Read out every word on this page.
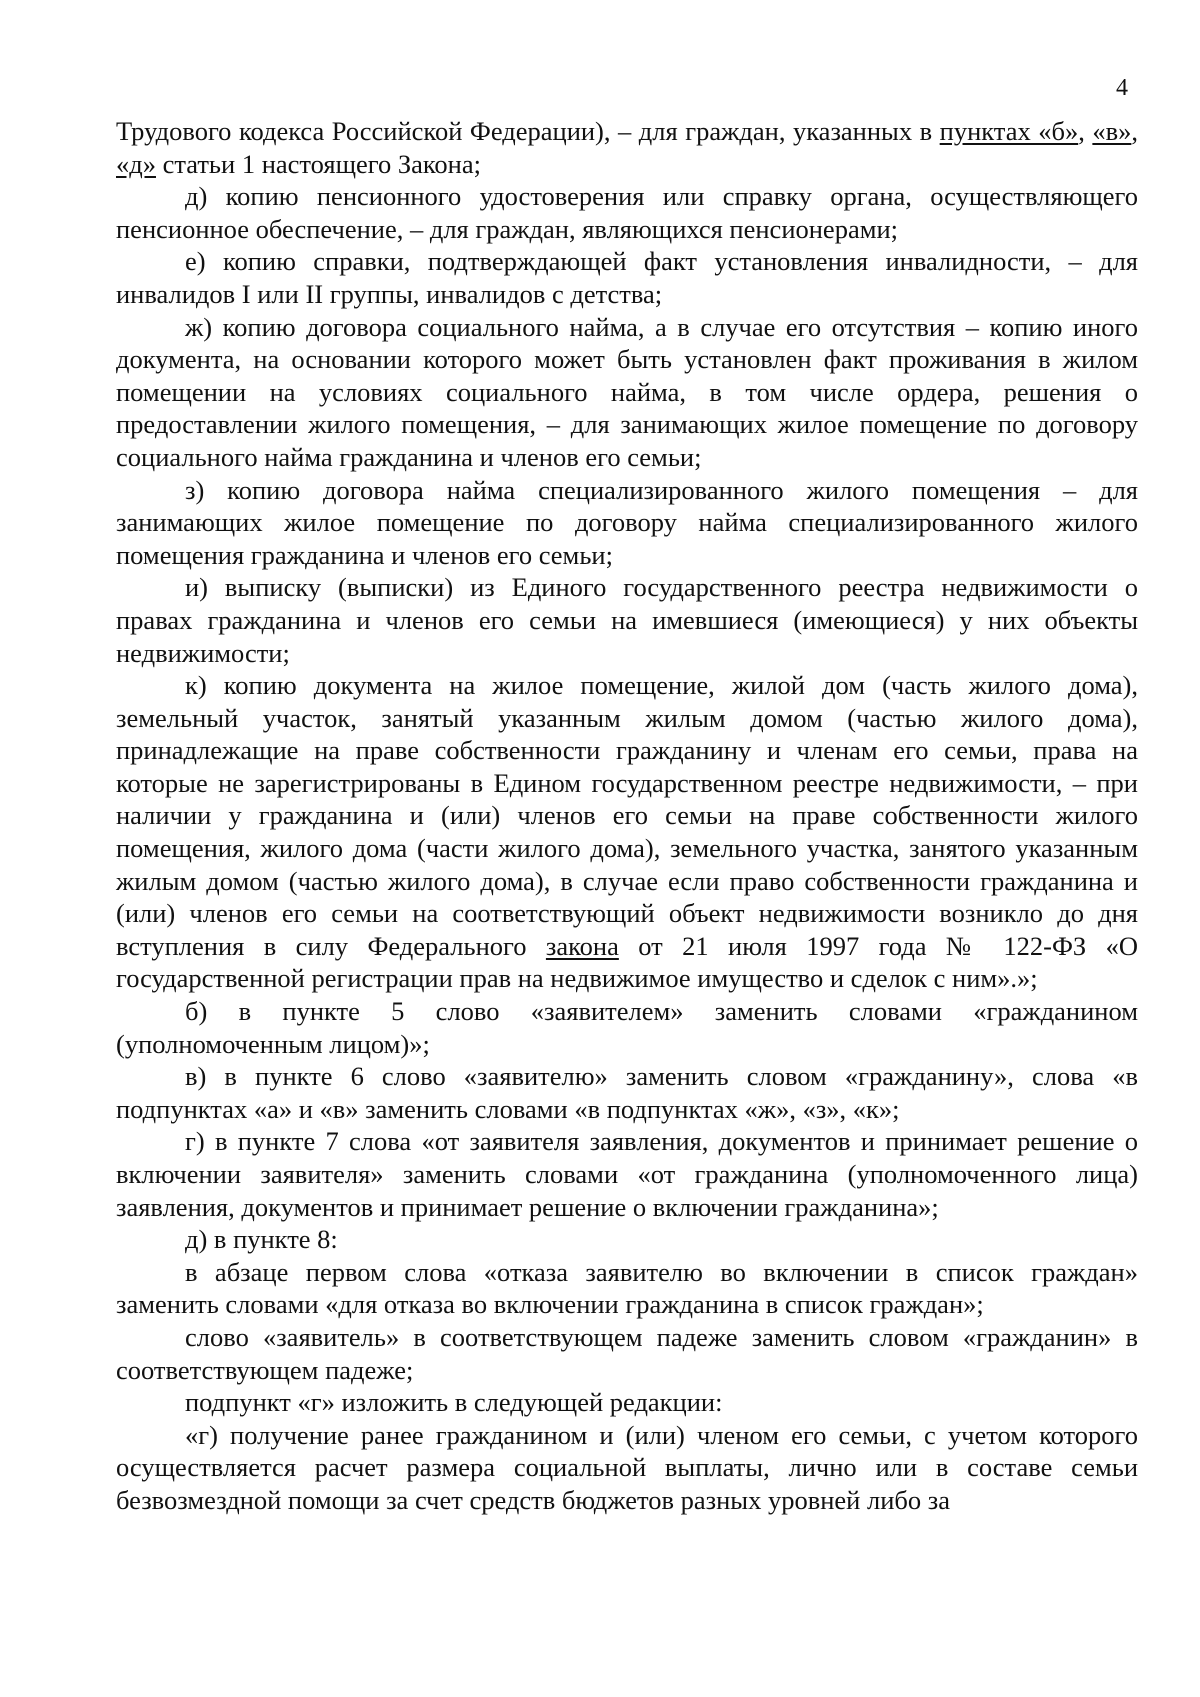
4

Трудового кодекса Российской Федерации), – для граждан, указанных в пунктах «б», «в», «д» статьи 1 настоящего Закона;

д) копию пенсионного удостоверения или справку органа, осуществляющего пенсионное обеспечение, – для граждан, являющихся пенсионерами;

е) копию справки, подтверждающей факт установления инвалидности, – для инвалидов I или II группы, инвалидов с детства;

ж) копию договора социального найма, а в случае его отсутствия – копию иного документа, на основании которого может быть установлен факт проживания в жилом помещении на условиях социального найма, в том числе ордера, решения о предоставлении жилого помещения, – для занимающих жилое помещение по договору социального найма гражданина и членов его семьи;

з) копию договора найма специализированного жилого помещения – для занимающих жилое помещение по договору найма специализированного жилого помещения гражданина и членов его семьи;

и) выписку (выписки) из Единого государственного реестра недвижимости о правах гражданина и членов его семьи на имевшиеся (имеющиеся) у них объекты недвижимости;

к) копию документа на жилое помещение, жилой дом (часть жилого дома), земельный участок, занятый указанным жилым домом (частью жилого дома), принадлежащие на праве собственности гражданину и членам его семьи, права на которые не зарегистрированы в Едином государственном реестре недвижимости, – при наличии у гражданина и (или) членов его семьи на праве собственности жилого помещения, жилого дома (части жилого дома), земельного участка, занятого указанным жилым домом (частью жилого дома), в случае если право собственности гражданина и (или) членов его семьи на соответствующий объект недвижимости возникло до дня вступления в силу Федерального закона от 21 июля 1997 года № 122-ФЗ «О государственной регистрации прав на недвижимое имущество и сделок с ним».»;

б) в пункте 5 слово «заявителем» заменить словами «гражданином (уполномоченным лицом)»;

в) в пункте 6 слово «заявителю» заменить словом «гражданину», слова «в подпунктах «а» и «в» заменить словами «в подпунктах «ж», «з», «к»;

г) в пункте 7 слова «от заявителя заявления, документов и принимает решение о включении заявителя» заменить словами «от гражданина (уполномоченного лица) заявления, документов и принимает решение о включении гражданина»;

д) в пункте 8:

в абзаце первом слова «отказа заявителю во включении в список граждан» заменить словами «для отказа во включении гражданина в список граждан»;

слово «заявитель» в соответствующем падеже заменить словом «гражданин» в соответствующем падеже;

подпункт «г» изложить в следующей редакции:

«г) получение ранее гражданином и (или) членом его семьи, с учетом которого осуществляется расчет размера социальной выплаты, лично или в составе семьи безвозмездной помощи за счет средств бюджетов разных уровней либо за
